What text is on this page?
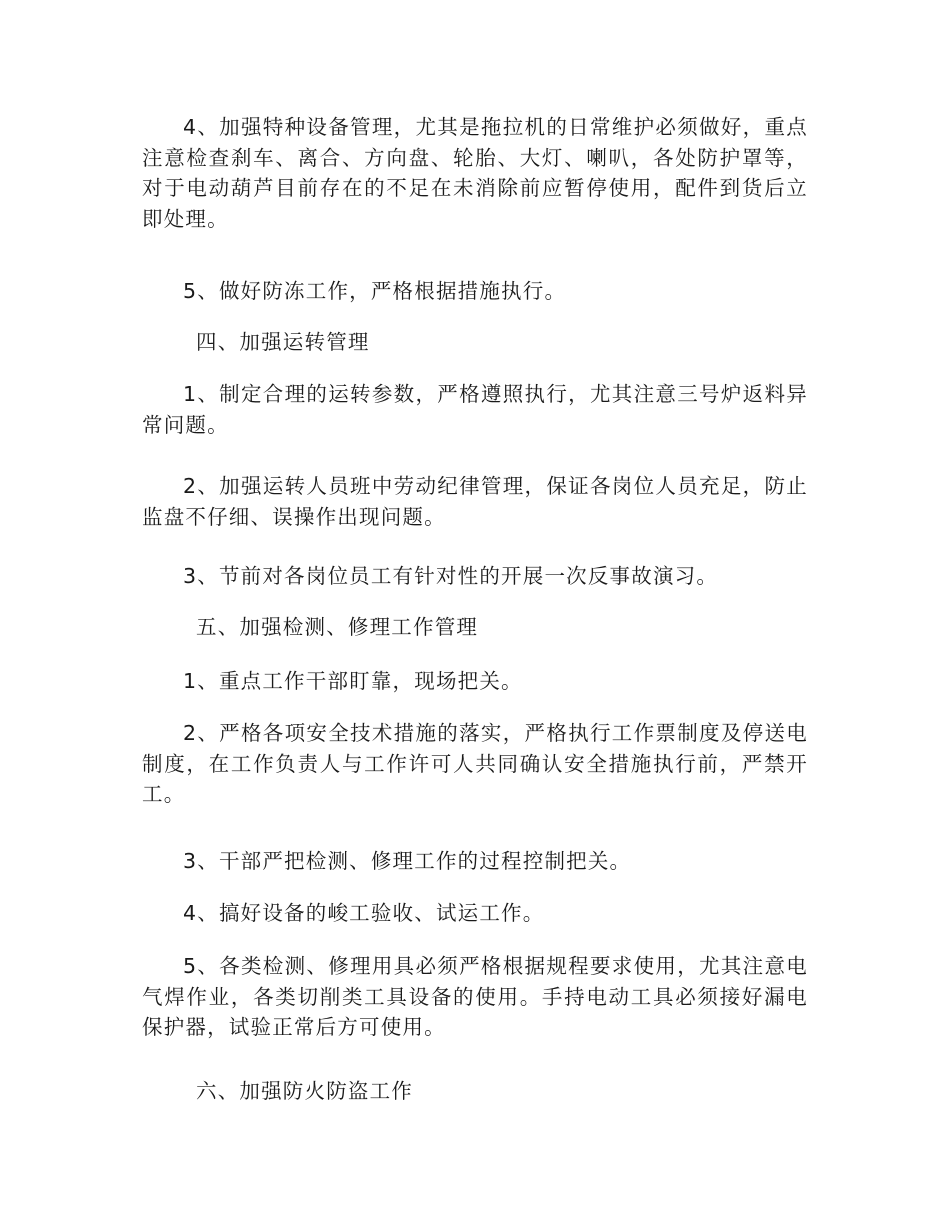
4、加强特种设备管理，尤其是拖拉机的日常维护必须做好，重点注意检查刹车、离合、方向盘、轮胎、大灯、喇叭，各处防护罩等，对于电动葫芦目前存在的不足在未消除前应暂停使用，配件到货后立即处理。

5、做好防冻工作，严格根据措施执行。

四、加强运转管理

1、制定合理的运转参数，严格遵照执行，尤其注意三号炉返料异常问题。

2、加强运转人员班中劳动纪律管理，保证各岗位人员充足，防止监盘不仔细、误操作出现问题。

3、节前对各岗位员工有针对性的开展一次反事故演习。

五、加强检测、修理工作管理

1、重点工作干部盯靠，现场把关。

2、严格各项安全技术措施的落实，严格执行工作票制度及停送电制度，在工作负责人与工作许可人共同确认安全措施执行前，严禁开工。

3、干部严把检测、修理工作的过程控制把关。

4、搞好设备的峻工验收、试运工作。

5、各类检测、修理用具必须严格根据规程要求使用，尤其注意电气焊作业，各类切削类工具设备的使用。手持电动工具必须接好漏电保护器，试验正常后方可使用。

六、加强防火防盗工作
